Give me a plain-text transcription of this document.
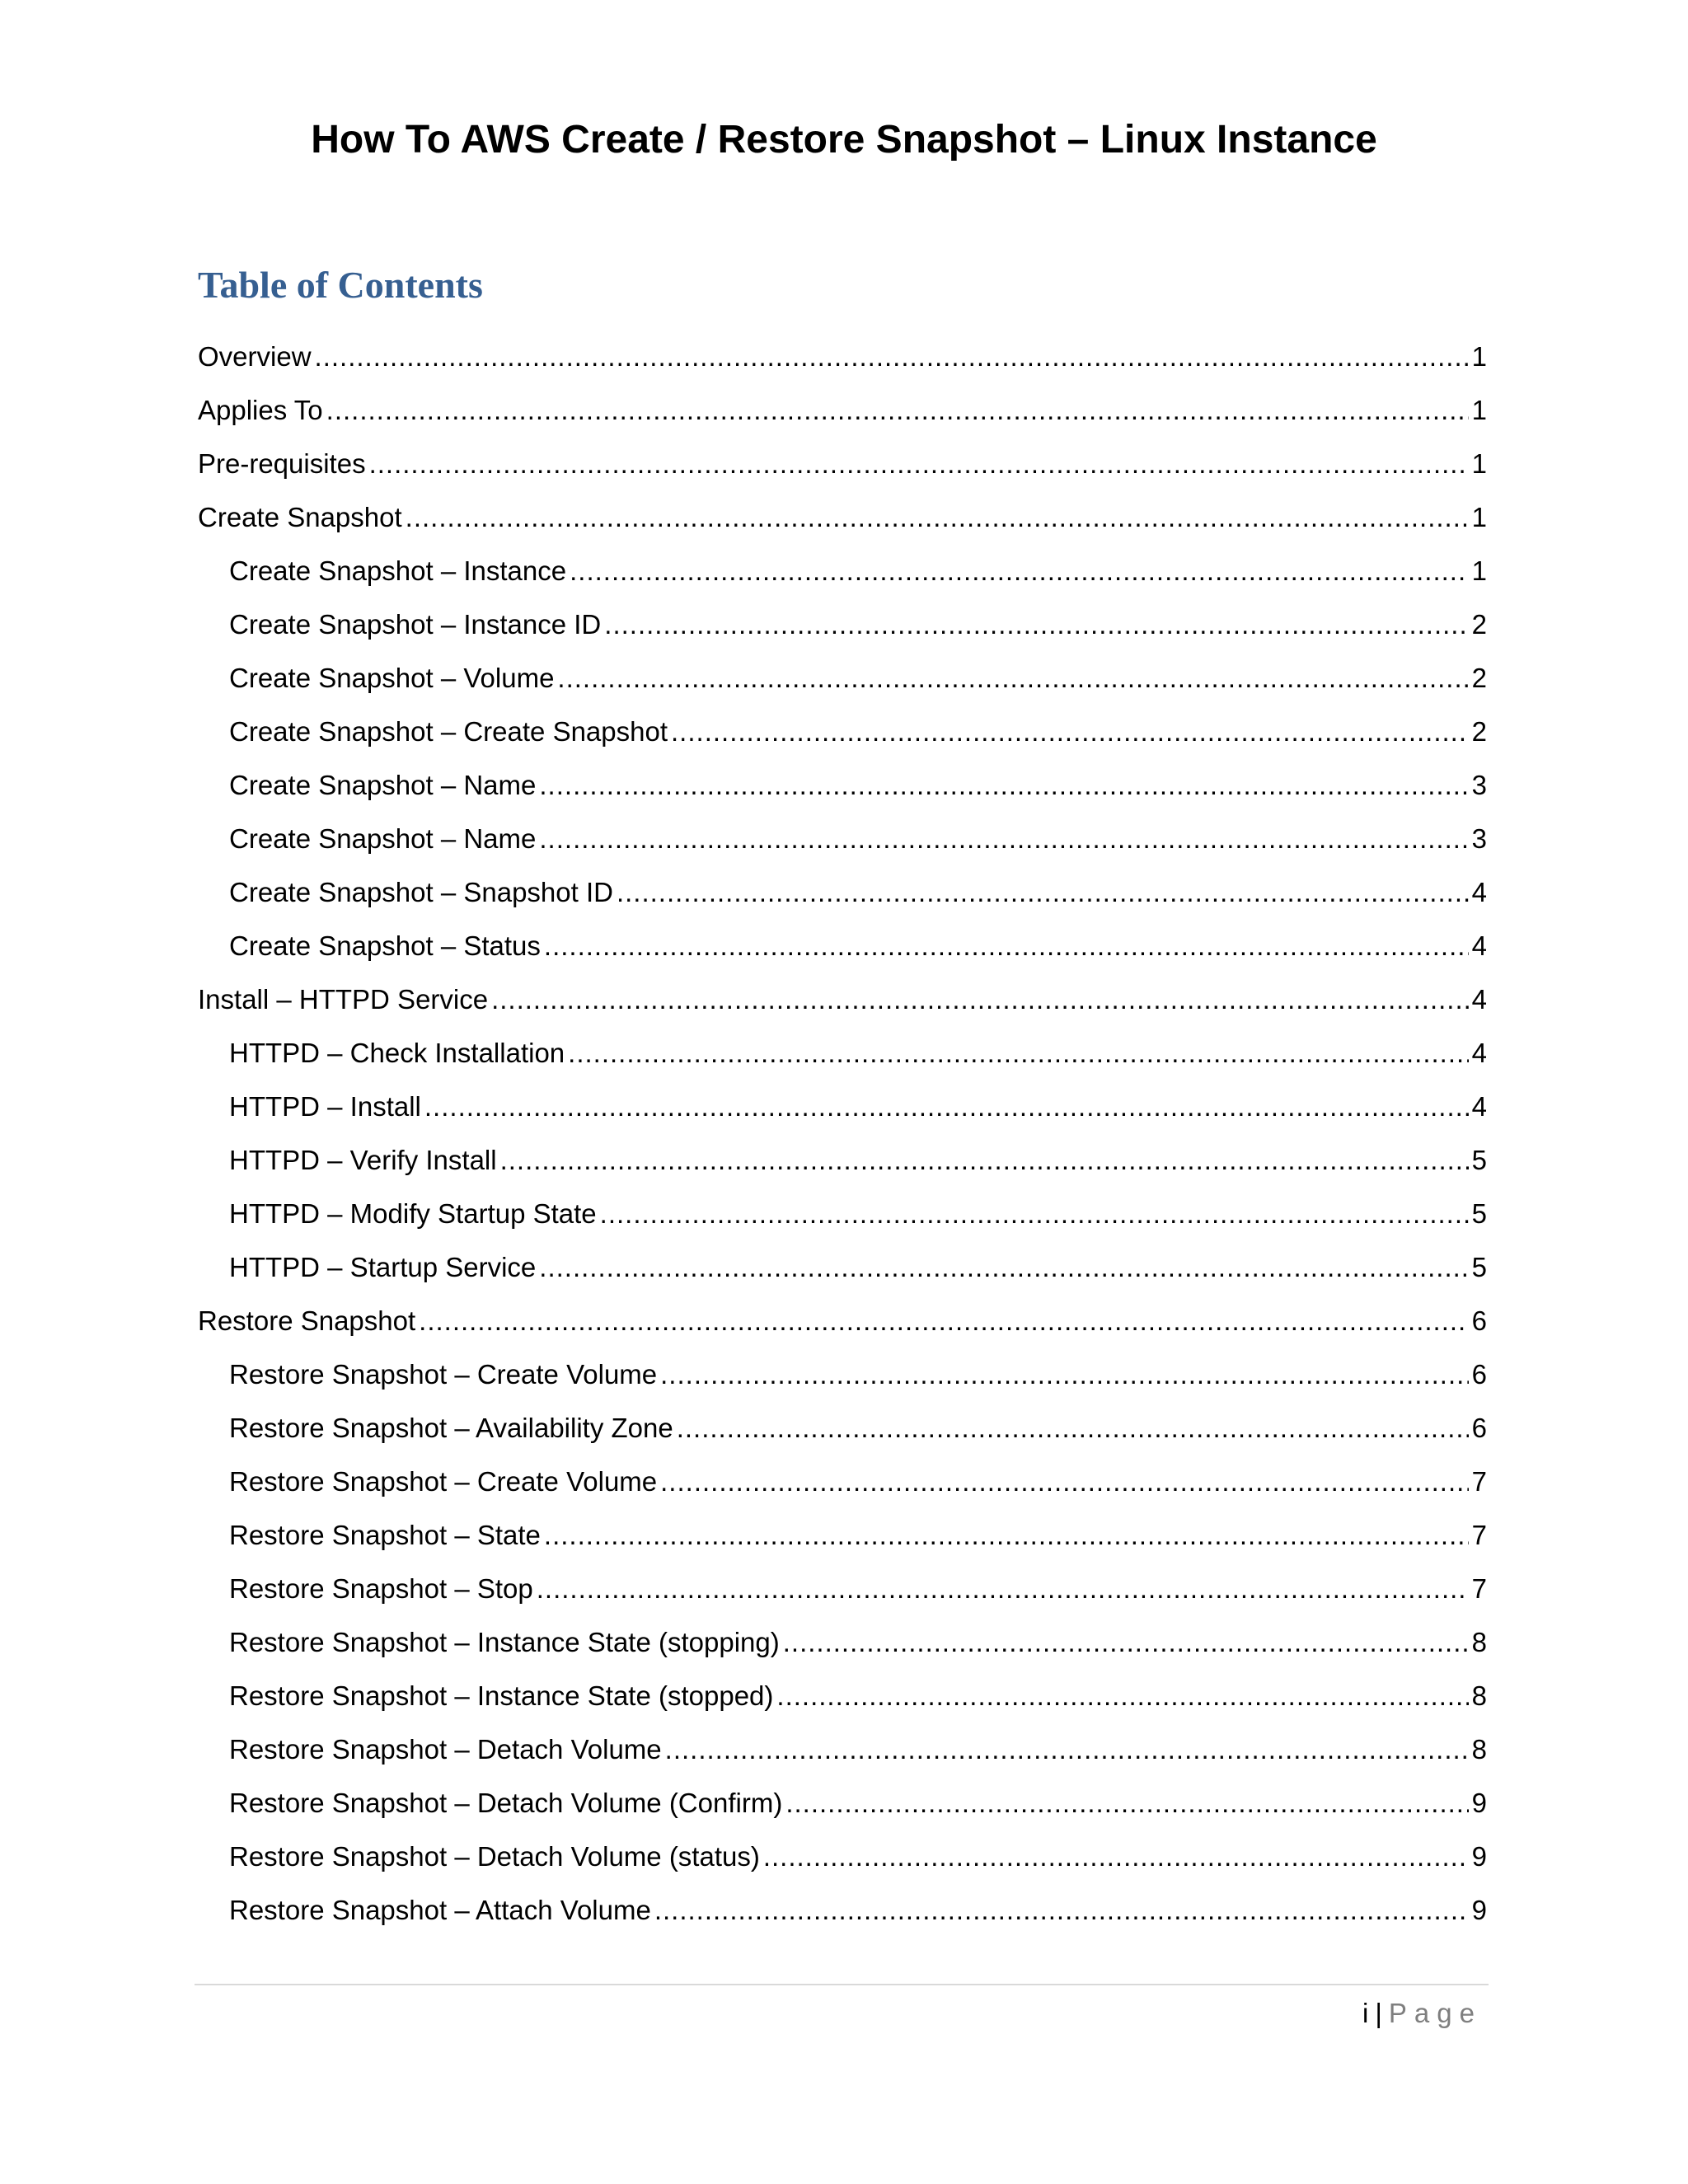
How To AWS Create / Restore Snapshot – Linux Instance
Table of Contents
Overview .....	1
Applies To .....	1
Pre-requisites .....	1
Create Snapshot .....	1
Create Snapshot – Instance .....	1
Create Snapshot – Instance ID .....	2
Create Snapshot – Volume .....	2
Create Snapshot – Create Snapshot .....	2
Create Snapshot – Name .....	3
Create Snapshot – Name .....	3
Create Snapshot – Snapshot ID .....	4
Create Snapshot – Status .....	4
Install – HTTPD Service .....	4
HTTPD – Check Installation .....	4
HTTPD – Install .....	4
HTTPD – Verify Install .....	5
HTTPD – Modify Startup State .....	5
HTTPD – Startup Service .....	5
Restore Snapshot .....	6
Restore Snapshot – Create Volume .....	6
Restore Snapshot – Availability Zone .....	6
Restore Snapshot – Create Volume .....	7
Restore Snapshot – State .....	7
Restore Snapshot – Stop .....	7
Restore Snapshot – Instance State (stopping) .....	8
Restore Snapshot – Instance State (stopped) .....	8
Restore Snapshot – Detach Volume .....	8
Restore Snapshot – Detach Volume (Confirm) .....	9
Restore Snapshot – Detach Volume (status) .....	9
Restore Snapshot – Attach Volume .....	9
i | Page
